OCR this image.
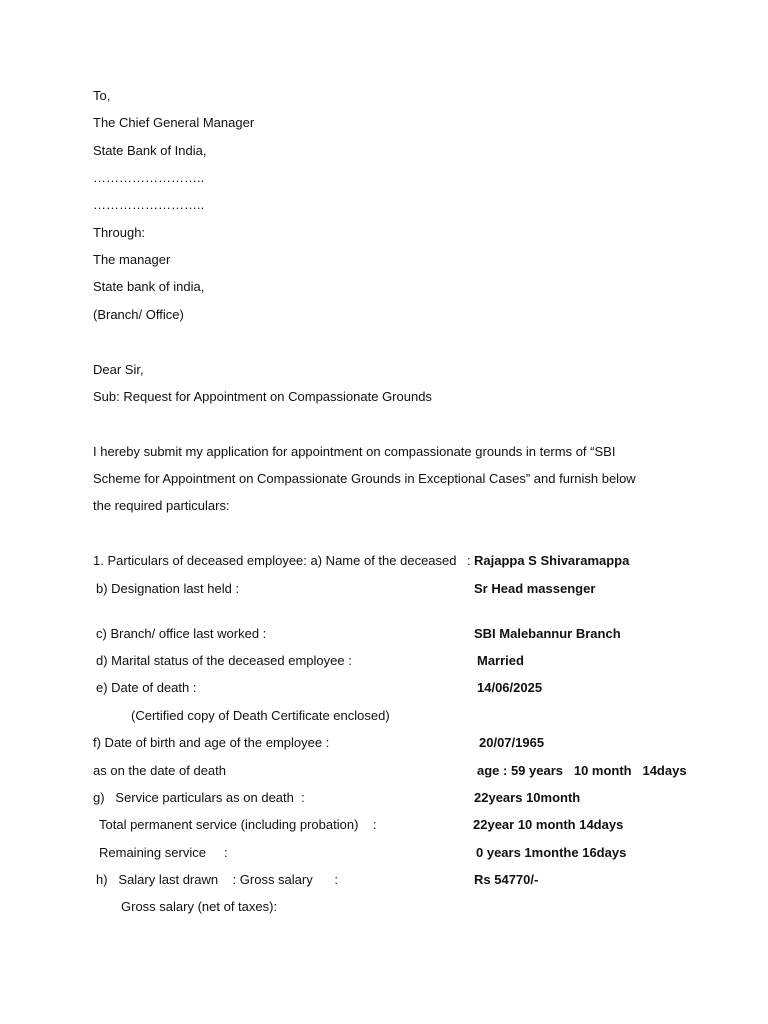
To,
The Chief General Manager
State Bank of India,
……………………..
……………………..
Through:
The manager
State bank of india,
(Branch/ Office)
Dear Sir,
Sub: Request for Appointment on Compassionate Grounds
I hereby submit my application for appointment on compassionate grounds in terms of “SBI
Scheme for Appointment on Compassionate Grounds in Exceptional Cases” and furnish below
the required particulars:
1. Particulars of deceased employee: a) Name of the deceased : Rajappa S Shivaramappa
b) Designation last held :	Sr Head massenger
c) Branch/ office last worked :	SBI Malebannur Branch
d) Marital status of the deceased employee :	Married
e) Date of death :	14/06/2025
(Certified copy of Death Certificate enclosed)
f) Date of birth and age of the employee :	20/07/1965
as on the date of death	age : 59 years   10 month   14days
g)   Service particulars as on death  :	22years 10month
Total permanent service (including probation)    :	22year 10 month 14days
Remaining service     :	0 years 1monthe 16days
h)   Salary last drawn    : Gross salary      :	Rs 54770/-
Gross salary (net of taxes):
